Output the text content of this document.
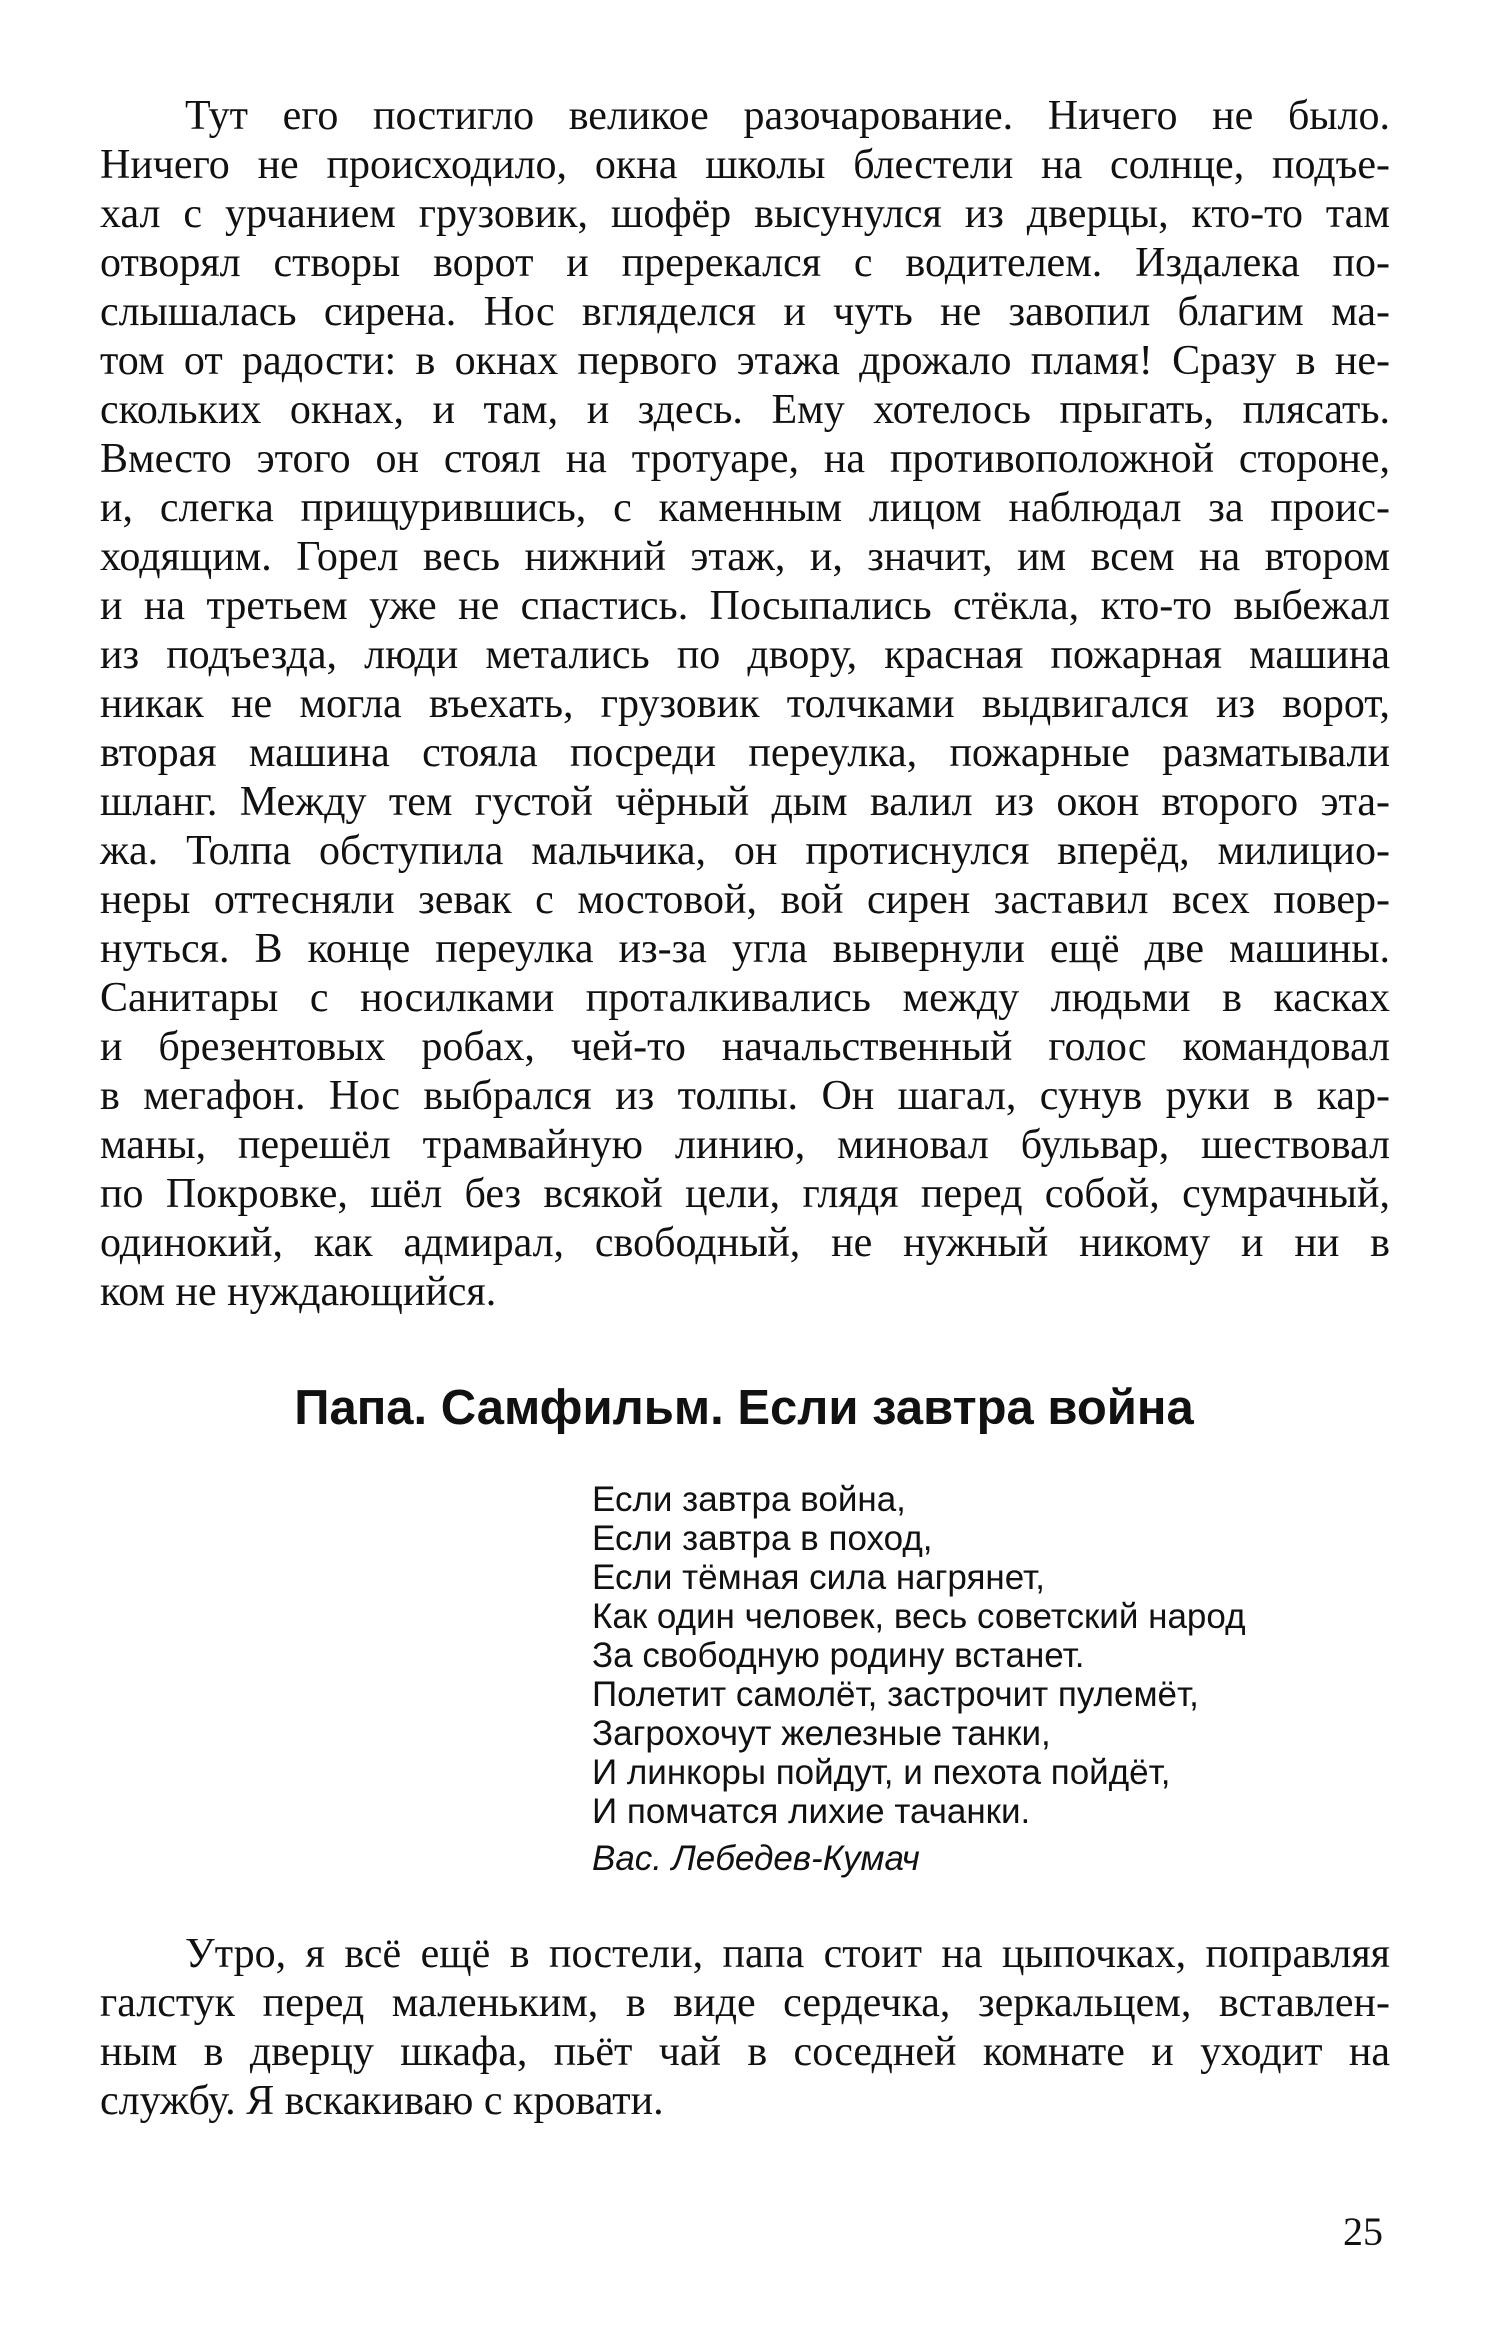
Тут его постигло великое разочарование. Ничего не было.
Ничего не происходило, окна школы блестели на солнце, подъе-
хал с урчанием грузовик, шофёр высунулся из дверцы, кто-то там
отворял створы ворот и пререкался с водителем. Издалека по-
слышалась сирена. Нос вгляделся и чуть не завопил благим ма-
том от радости: в окнах первого этажа дрожало пламя! Сразу в не-
скольких окнах, и там, и здесь. Ему хотелось прыгать, плясать.
Вместо этого он стоял на тротуаре, на противоположной стороне,
и, слегка прищурившись, с каменным лицом наблюдал за проис-
ходящим. Горел весь нижний этаж, и, значит, им всем на втором
и на третьем уже не спастись. Посыпались стёкла, кто-то выбежал
из подъезда, люди метались по двору, красная пожарная машина
никак не могла въехать, грузовик толчками выдвигался из ворот,
вторая машина стояла посреди переулка, пожарные разматывали
шланг. Между тем густой чёрный дым валил из окон второго эта-
жа. Толпа обступила мальчика, он протиснулся вперёд, милицио-
неры оттесняли зевак с мостовой, вой сирен заставил всех повер-
нуться. В конце переулка из-за угла вывернули ещё две машины.
Санитары с носилками проталкивались между людьми в касках
и брезентовых робах, чей-то начальственный голос командовал
в мегафон. Нос выбрался из толпы. Он шагал, сунув руки в кар-
маны, перешёл трамвайную линию, миновал бульвар, шествовал
по Покровке, шёл без всякой цели, глядя перед собой, сумрачный,
одинокий, как адмирал, свободный, не нужный никому и ни в
ком не нуждающийся.
Папа. Самфильм. Если завтра война
Если завтра война,
Если завтра в поход,
Если тёмная сила нагрянет,
Как один человек, весь советский народ
За свободную родину встанет.
Полетит самолёт, застрочит пулемёт,
Загрохочут железные танки,
И линкоры пойдут, и пехота пойдёт,
И помчатся лихие тачанки.
Вас. Лебедев-Кумач
Утро, я всё ещё в постели, папа стоит на цыпочках, поправляя
галстук перед маленьким, в виде сердечка, зеркальцем, вставлен-
ным в дверцу шкафа, пьёт чай в соседней комнате и уходит на
службу. Я вскакиваю с кровати.
25
